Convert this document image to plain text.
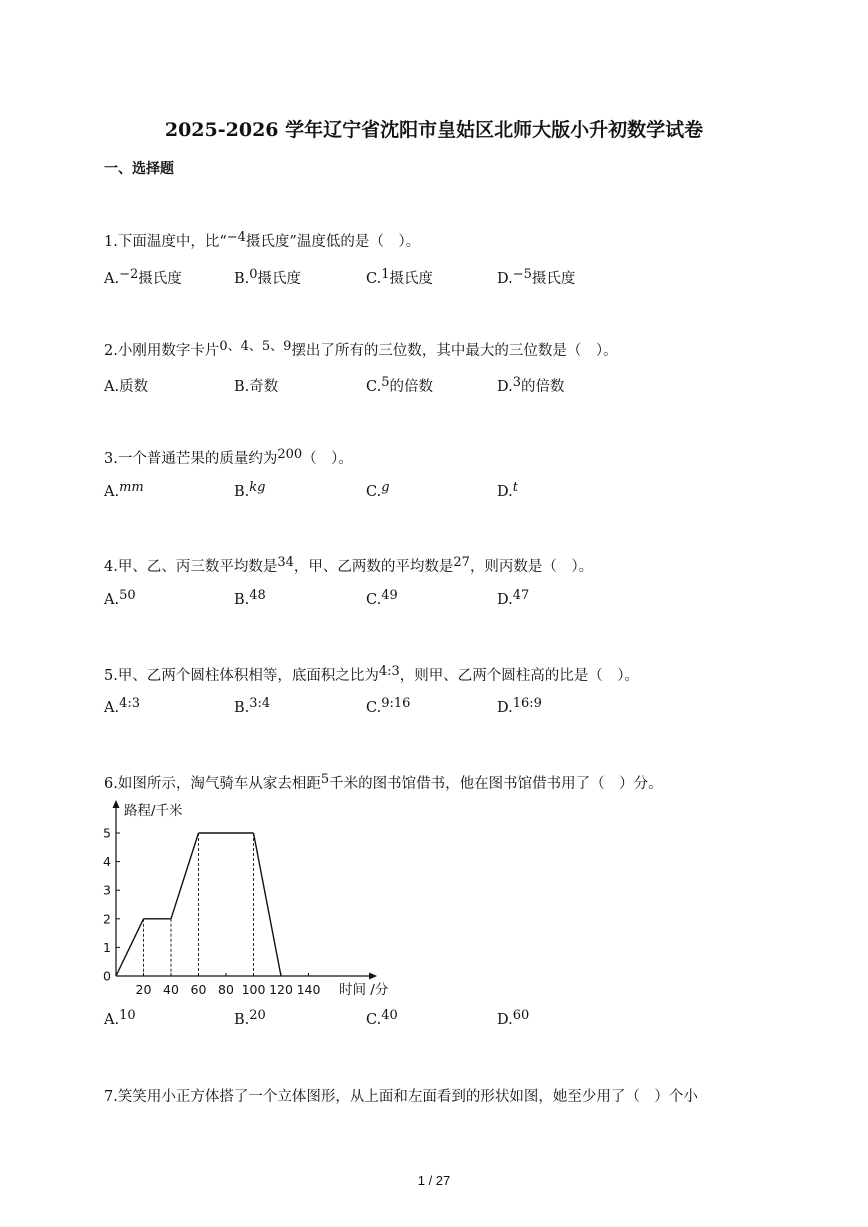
2025-2026 学年辽宁省沈阳市皇姑区北师大版小升初数学试卷
一、选择题
1.下面温度中，比“−4摄氏度”温度低的是（　）。
A.−2摄氏度	B.0摄氏度	C.1摄氏度	D.−5摄氏度
2.小刚用数字卡片0、4、5、9摆出了所有的三位数，其中最大的三位数是（　）。
A.质数	B.奇数	C.5的倍数	D.3的倍数
3.一个普通芒果的质量约为200（　）。
A.mm	B.kg	C.g	D.t
4.甲、乙、丙三数平均数是34，甲、乙两数的平均数是27，则丙数是（　）。
A.50	B.48	C.49	D.47
5.甲、乙两个圆柱体积相等，底面积之比为4:3，则甲、乙两个圆柱高的比是（　）。
A.4:3	B.3:4	C.9:16	D.16:9
6.如图所示，淘气骑车从家去相距5千米的图书馆借书，他在图书馆借书用了（　）分。
路程/千米
时间 /分
0
1
2
3
4
5
20 40 60 80 100 120 140
A.10	B.20	C.40	D.60
7.笑笑用小正方体搭了一个立体图形，从上面和左面看到的形状如图，她至少用了（　）个小
1 / 27
